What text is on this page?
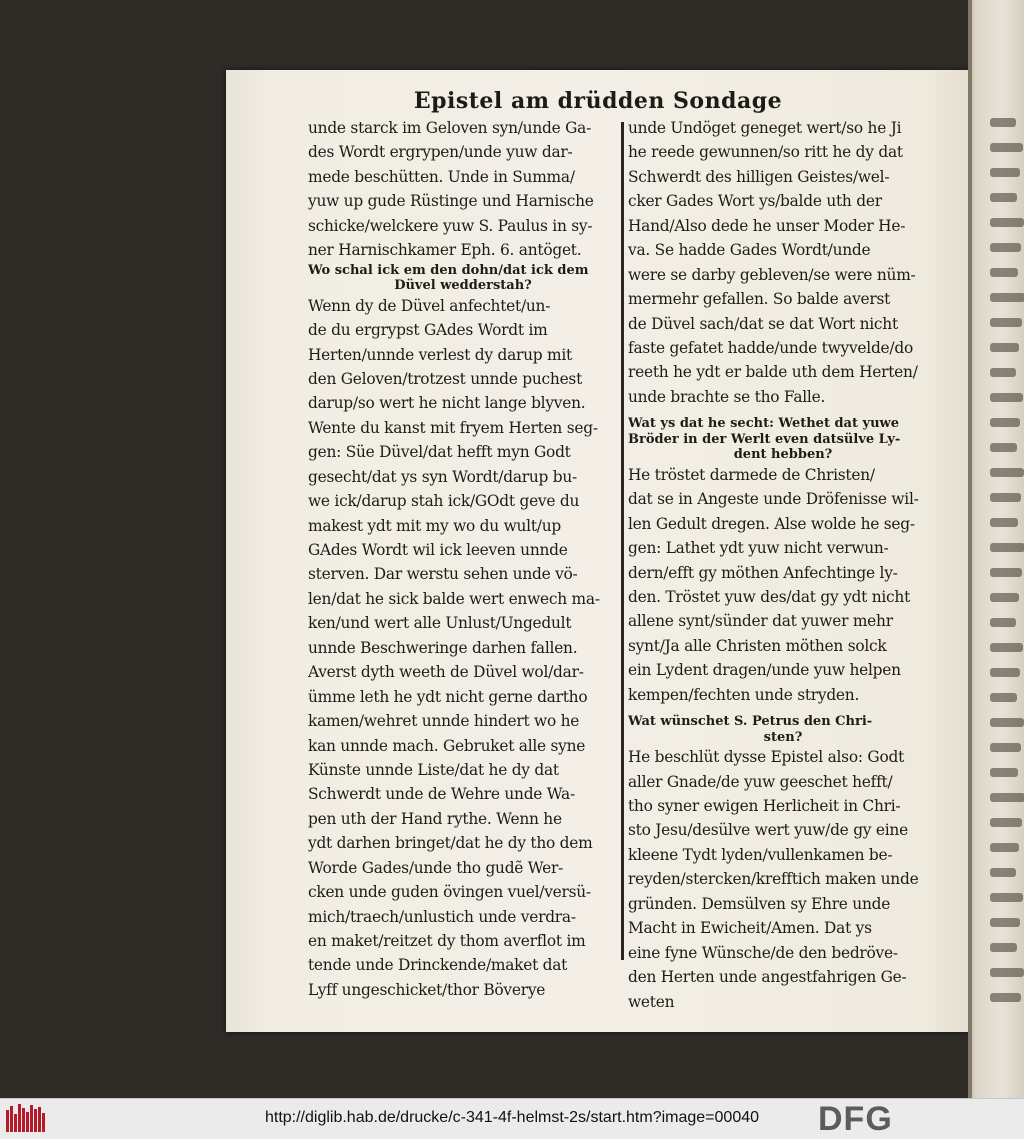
Epistel am drüdden Sondage
unde starck im Geloven syn/unde Ga-
des Wordt ergrypen/unde yuw dar-
mede beschütten. Unde in Summa/
yuw up gude Rüstinge und Harnische
schicke/welckere yuw S. Paulus in sy-
ner Harnischkamer Eph. 6. antöget.
Wo schal ick em den dohn/dat ick dem
Düvel wedderstah?
Wenn dy de Düvel anfechtet/un-
de du ergrypst GAdes Wordt im
Herten/unnde verlest dy darup mit
den Geloven/trotzest unnde puchest
darup/so wert he nicht lange blyven.
Wente du kanst mit fryem Herten seg-
gen: Süe Düvel/dat hefft myn Godt
gesecht/dat ys syn Wordt/darup bu-
we ick/darup stah ick/GOdt geve du
makest ydt mit my wo du wult/up
GAdes Wordt wil ick leeven unnde
sterven. Dar werstu sehen unde vö-
len/dat he sick balde wert enwech ma-
ken/und wert alle Unlust/Ungedult
unnde Beschweringe darhen fallen.
Averst dyth weeth de Düvel wol/dar-
ümme leth he ydt nicht gerne dartho
kamen/wehret unnde hindert wo he
kan unnde mach. Gebruket alle syne
Künste unnde Liste/dat he dy dat
Schwerdt unde de Wehre unde Wa-
pen uth der Hand rythe. Wenn he
ydt darhen bringet/dat he dy tho dem
Worde Gades/unde tho gudẽ Wer-
cken unde guden övingen vuel/versü-
mich/traech/unlustich unde verdra-
en maket/reitzet dy thom averflot im
tende unde Drinckende/maket dat
Lyff ungeschicket/thor Böverye
unde Undöget geneget wert/so he Ji
he reede gewunnen/so ritt he dy dat
Schwerdt des hilligen Geistes/wel-
cker Gades Wort ys/balde uth der
Hand/Also dede he unser Moder He-
va. Se hadde Gades Wordt/unde
were se darby gebleven/se were nüm-
mermehr gefallen. So balde averst
de Düvel sach/dat se dat Wort nicht
faste gefatet hadde/unde twyvelde/do
reeth he ydt er balde uth dem Herten/
unde brachte se tho Falle.
Wat ys dat he secht: Wethet dat yuwe
Bröder in der Werlt even datsülve Ly-
dent hebben?
He tröstet darmede de Christen/
dat se in Angeste unde Dröfenisse wil-
len Gedult dregen. Alse wolde he seg-
gen: Lathet ydt yuw nicht verwun-
dern/efft gy möthen Anfechtinge ly-
den. Tröstet yuw des/dat gy ydt nicht
allene synt/sünder dat yuwer mehr
synt/Ja alle Christen möthen solck
ein Lydent dragen/unde yuw helpen
kempen/fechten unde stryden.
Wat wünschet S. Petrus den Chri-
sten?
He beschlüt dysse Epistel also: Godt
aller Gnade/de yuw geeschet hefft/
tho syner ewigen Herlicheit in Chri-
sto Jesu/desülve wert yuw/de gy eine
kleene Tydt lyden/vullenkamen be-
reyden/stercken/krefftich maken unde
gründen. Demsülven sy Ehre unde
Macht in Ewicheit/Amen. Dat ys
eine fyne Wünsche/de den bedröve-
den Herten unde angestfahrigen Ge-
weten
http://diglib.hab.de/drucke/c-341-4f-helmst-2s/start.htm?image=00040	DFG
